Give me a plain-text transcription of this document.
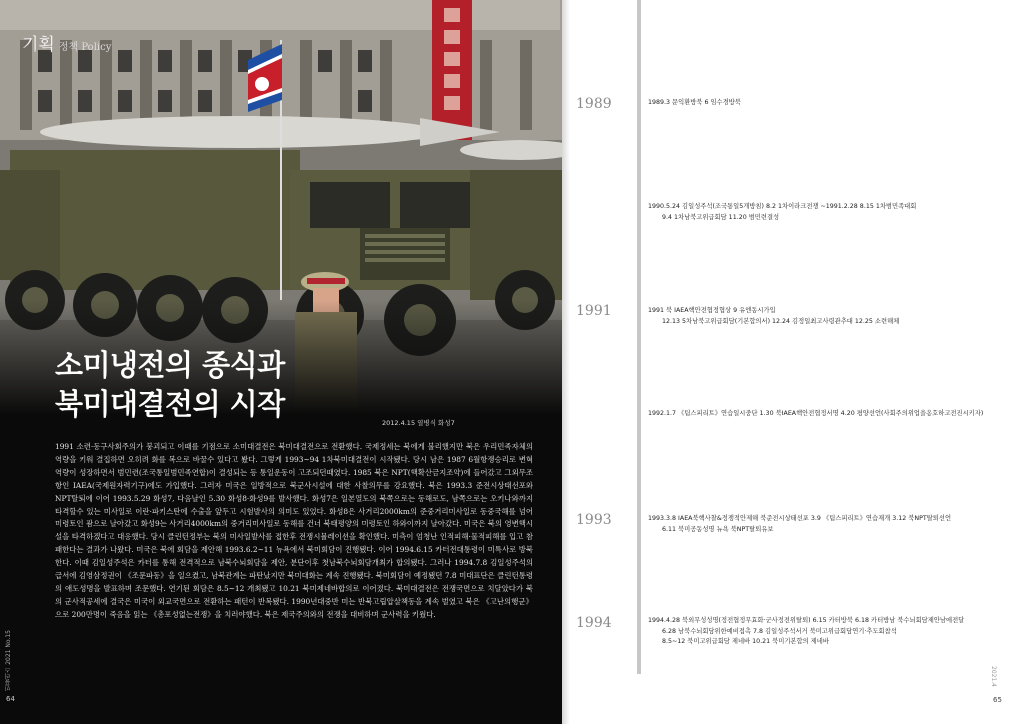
기획 정책 Policy
소미냉전의 종식과
북미대결전의 시작
2012.4.15 열병식 화성7
1991 소련·동구사회주의가 붕괴되고 이때를 기점으로 소미대결전은 북미대결전으로 전환했다. 국제정세는 북에게 불리했지만 북은 우리민족자체의 역량을 키워 결집하면 오히려 화를 복으로 바꿀수 있다고 봤다. 그렇게 1993~94 1차북미대결전이 시작됐다. 당시 남은 1987 6월항쟁승리로 변혁역량이 성장하면서 범민련(조국통일범민족연합)이 결성되는 등 통일운동이 고조되던때였다. 1985 북은 NPT(핵확산금지조약)에 들어갔고 그외무조항인 IAEA(국제원자력기구)에도 가입했다. 그러자 미국은 일방적으로 북군사시설에 대한 사찰의무를 강요했다. 북은 1993.3 준전시상태선포와 NPT탈퇴에 이어 1993.5.29 화성7, 다음날인 5.30 화성8·화성9를 발사했다. 화성7은 일본열도의 북쪽으로는 동해로도, 남쪽으로는 오키나와까지 타격할수 있는 미사일로 이란·파키스탄에 수출을 앞두고 시험발사의 의미도 있었다. 화성8은 사거리2000km의 준중거리미사일로 동중국해를 넘어 미령토인 괌으로 날아갔고 화성9는 사거리4000km의 중거리미사일로 동해를 건너 북태평양의 미령토인 하와이까지 날아갔다. 미국은 북의 영변핵시설을 타격하겠다고 대응했다. 당시 클린턴정부는 북의 미사일발사를 접한후 전쟁시뮬레이션을 확인했다. 미측이 엄청난 인적피해·물적피해를 입고 참패한다는 결과가 나왔다. 미국은 북에 회담을 제안해 1993.6.2~11 뉴욕에서 북미회담이 진행됐다. 이어 1994.6.15 카터전대통령이 미특사로 방북한다. 이때 김일성주석은 카터를 통해 전격적으로 남북수뇌회담을 제안, 분단이후 첫남북수뇌회담개최가 합의됐다. 그러나 1994.7.8 김일성주석의 급서에 김영삼정권이 《조문파동》을 일으켰고, 남북관계는 파탄났지만 북미대화는 계속 진행됐다. 북미회담이 예정됐던 7.8 미대표단은 클린턴통령의 애도성명을 발표하며 조문했다. 연기된 회담은 8.5~12 개최됐고 10.21 북미제네바합의로 이어졌다. 북미대결전은 전쟁국면으로 치달았다가 북의 군사적공세에 결국은 미국이 외교국면으로 전환하는 패턴이 반복됐다. 1990년대중반 미는 반북고립압살책동을 계속 벌였고 북은 《고난의행군》으로 200만명이 죽음을 읽는 《총포성없는전쟁》을 치러야했다. 북은 제국주의와의 전쟁을 대비하며 군사력을 키웠다.
민플러스 2021 No.15
64
1989	1989.3 문익환방북 6 임수경방북
1990.5.24 김일성주석(조국통일5개방침) 8.2 1차이라크전쟁 ~1991.2.28 8.15 1차범민족대회
9.4 1차남북고위급회담 11.20 범민련결성
1991	1991 북 IAEA핵안전협정협상 9 유엔동시가입
12.13 5차남북고위급회담(기본합의서) 12.24 김정일최고사령관추대 12.25 소련해체
1992.1.7 《팀스피리트》연습일시중단 1.30 북IAEA핵안전협정서명 4.20 평양선언(사회주의위업을옹호하고전진시키자)
1993	1993.3.8 IAEA북핵사찰&정쟁적안제해 북준전시상태선포 3.9 《팀스피리트》연습재개 3.12 북NPT탈퇴선언
6.11 북미공동성명 뉴욕 북NPT탈퇴유보
1994	1994.4.28 북외무성성명(정전협정무효화·군사정전위탈퇴) 6.15 카터방북 6.18 카터방남 북수뇌회담제안남에전달
6.28 남북수뇌회담위한예비접촉 7.8 김일성주석서거 북미고위급회담연기·추도회참석
8.5~12 북미고위급회담 제네바 10.21 북미기본합의 제네바
2021.4
65
